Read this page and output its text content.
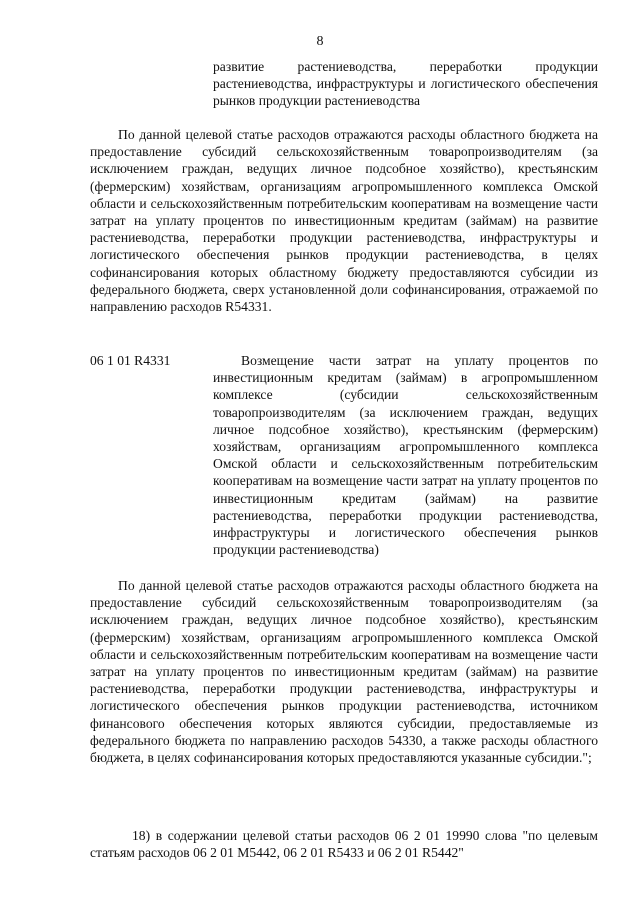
8
развитие растениеводства, переработки продукции растениеводства, инфраструктуры и логистического обеспечения рынков продукции растениеводства
По данной целевой статье расходов отражаются расходы областного бюджета на предоставление субсидий сельскохозяйственным товаропроизводителям (за исключением граждан, ведущих личное подсобное хозяйство), крестьянским (фермерским) хозяйствам, организациям агропромышленного комплекса Омской области и сельскохозяйственным потребительским кооперативам на возмещение части затрат на уплату процентов по инвестиционным кредитам (займам) на развитие растениеводства, переработки продукции растениеводства, инфраструктуры и логистического обеспечения рынков продукции растениеводства, в целях софинансирования которых областному бюджету предоставляются субсидии из федерального бюджета, сверх установленной доли софинансирования, отражаемой по направлению расходов R54331.
06 1 01 R4331	Возмещение части затрат на уплату процентов по инвестиционным кредитам (займам) в агропромышленном комплексе (субсидии сельскохозяйственным товаропроизводителям (за исключением граждан, ведущих личное подсобное хозяйство), крестьянским (фермерским) хозяйствам, организациям агропромышленного комплекса Омской области и сельскохозяйственным потребительским кооперативам на возмещение части затрат на уплату процентов по инвестиционным кредитам (займам) на развитие растениеводства, переработки продукции растениеводства, инфраструктуры и логистического обеспечения рынков продукции растениеводства)
По данной целевой статье расходов отражаются расходы областного бюджета на предоставление субсидий сельскохозяйственным товаропроизводителям (за исключением граждан, ведущих личное подсобное хозяйство), крестьянским (фермерским) хозяйствам, организациям агропромышленного комплекса Омской области и сельскохозяйственным потребительским кооперативам на возмещение части затрат на уплату процентов по инвестиционным кредитам (займам) на развитие растениеводства, переработки продукции растениеводства, инфраструктуры и логистического обеспечения рынков продукции растениеводства, источником финансового обеспечения которых являются субсидии, предоставляемые из федерального бюджета по направлению расходов 54330, а также расходы областного бюджета, в целях софинансирования которых предоставляются указанные субсидии.";
18) в содержании целевой статьи расходов 06 2 01 19990 слова "по целевым статьям расходов 06 2 01 М5442, 06 2 01 R5433 и 06 2 01 R5442"
